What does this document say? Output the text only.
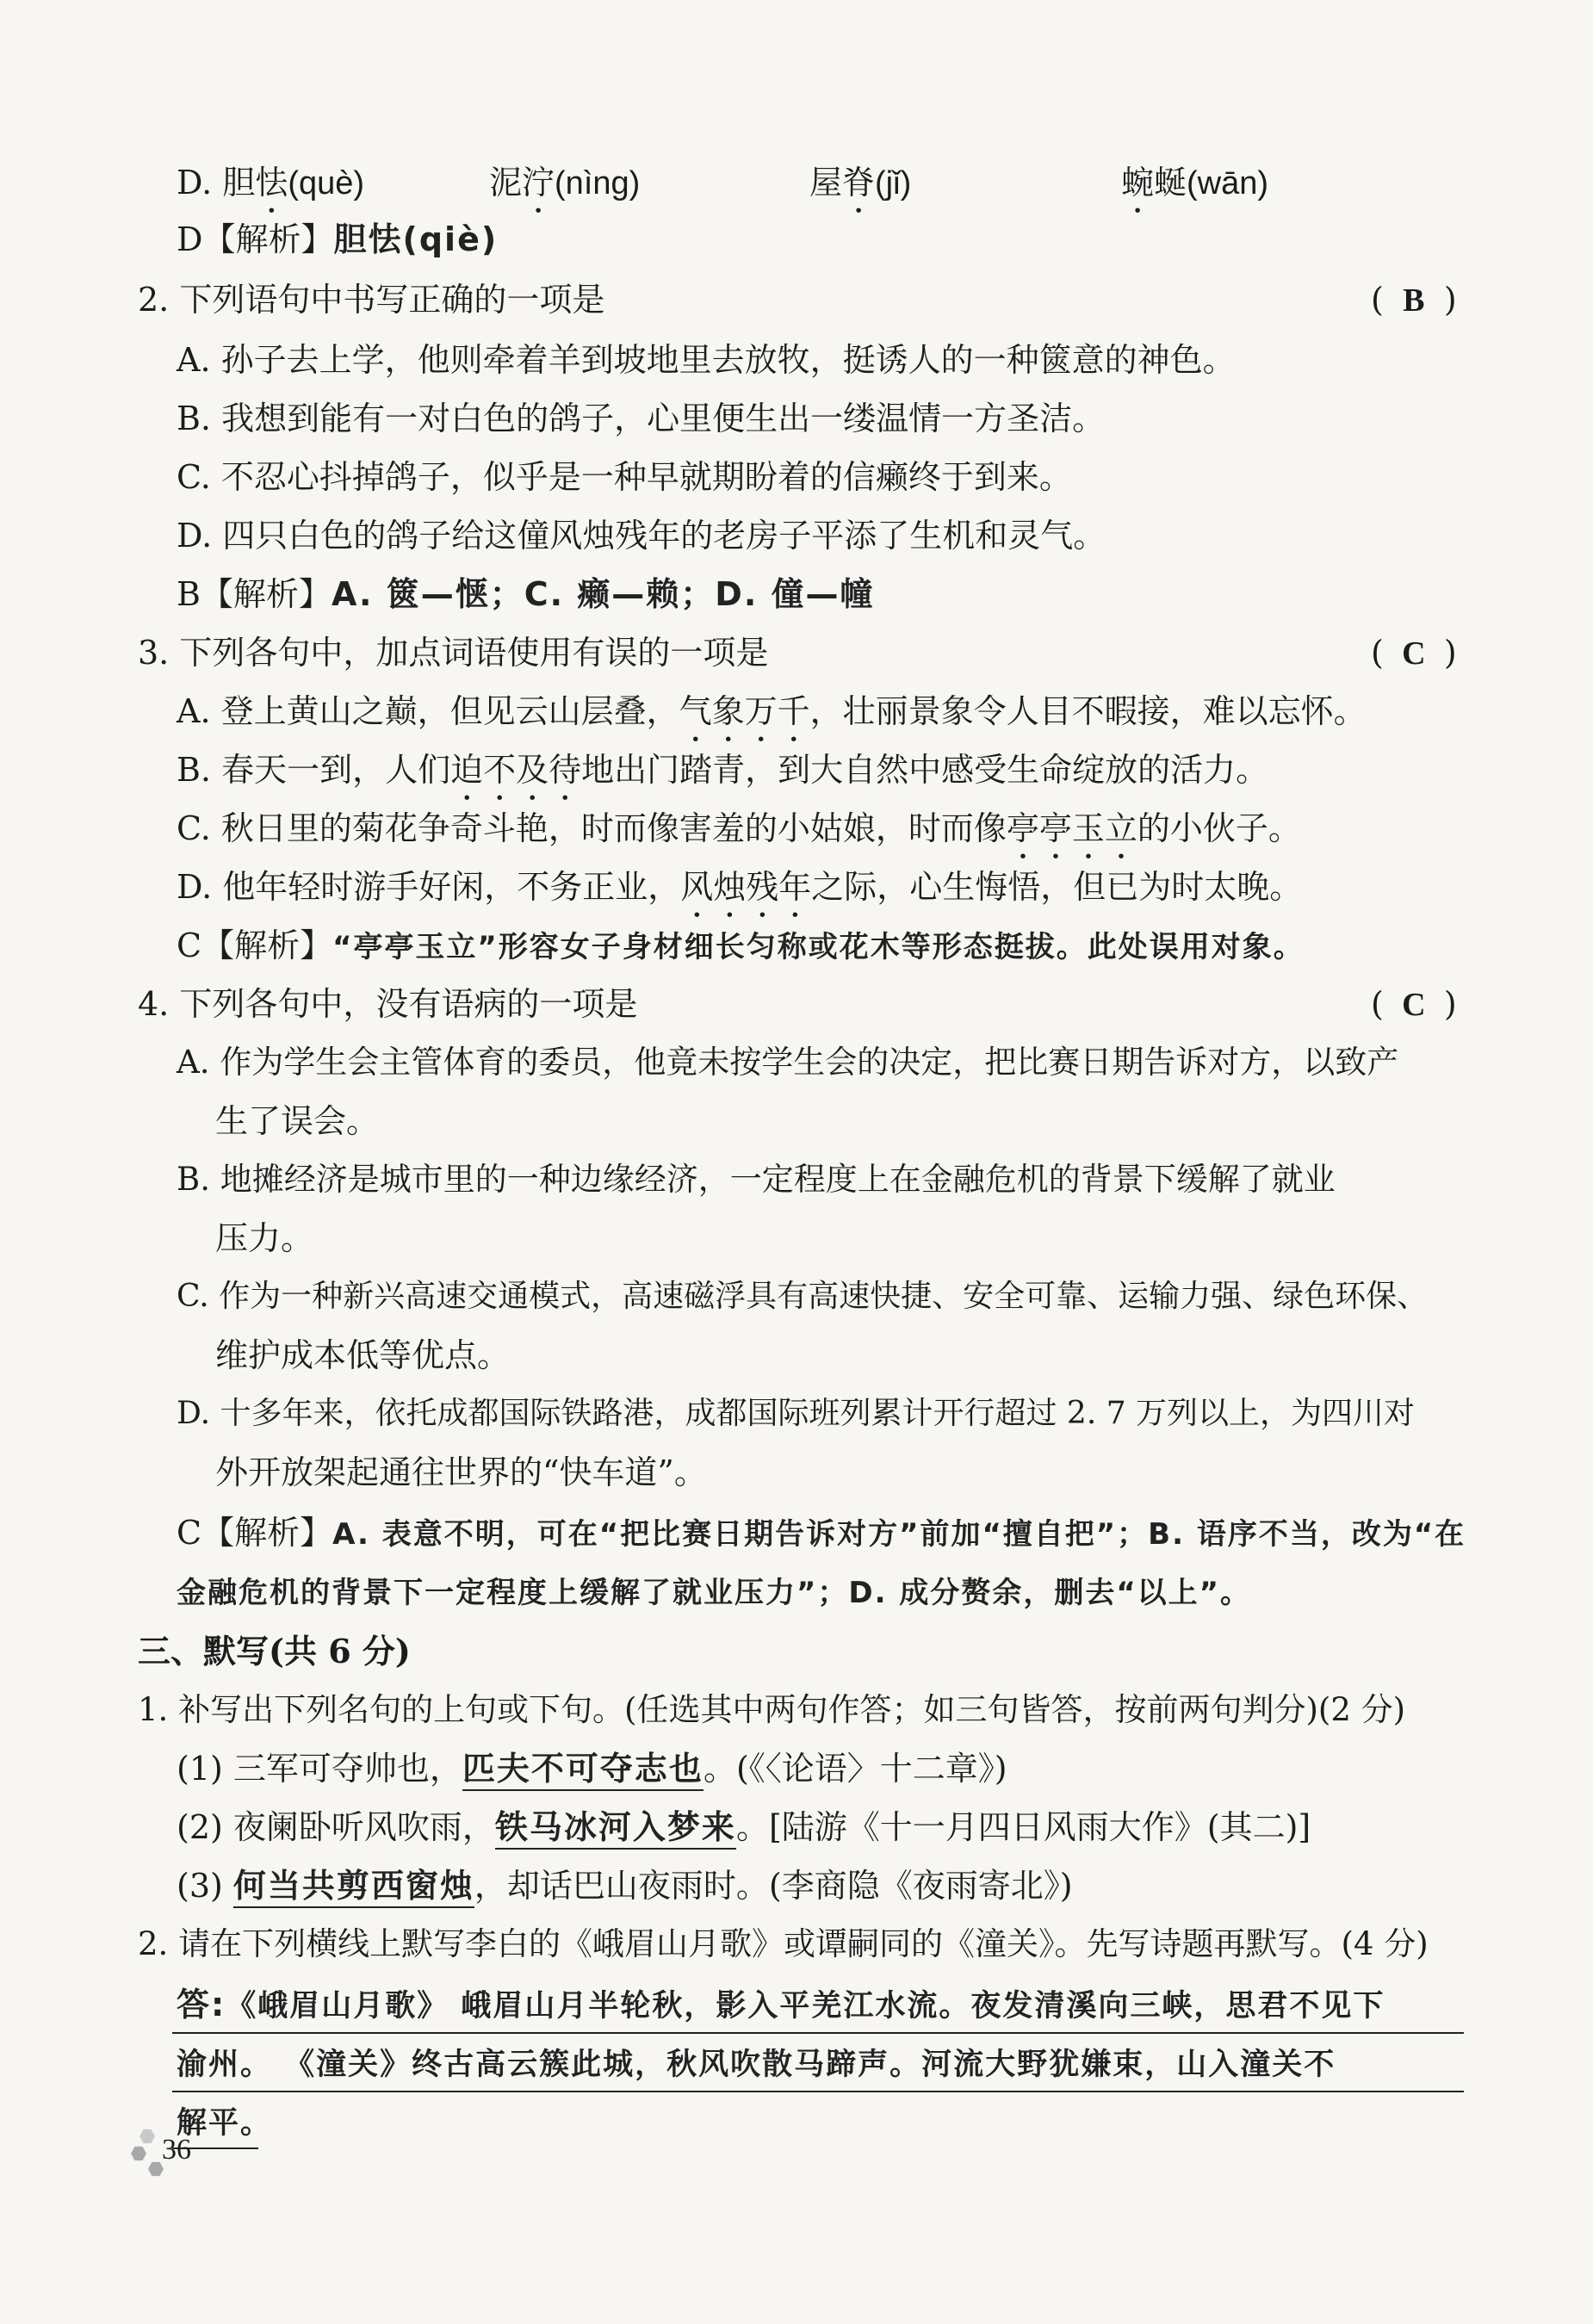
D. 胆怯(què)	泥泞(nìng)	屋脊(jǐ)	蜿蜒(wān)
D【解析】胆怯(qiè)
2. 下列语句中书写正确的一项是	( B )
A. 孙子去上学，他则牵着羊到坡地里去放牧，挺诱人的一种篋意的神色。
B. 我想到能有一对白色的鸽子，心里便生出一缕温情一方圣洁。
C. 不忍心抖掉鸽子，似乎是一种早就期盼着的信癞终于到来。
D. 四只白色的鸽子给这僮风烛残年的老房子平添了生机和灵气。
B【解析】A. 篋—惬；C. 癞—赖；D. 僮—幢
3. 下列各句中，加点词语使用有误的一项是	( C )
A. 登上黄山之巅，但见云山层叠，气象万千，壮丽景象令人目不暇接，难以忘怀。
B. 春天一到，人们迫不及待地出门踏青，到大自然中感受生命绽放的活力。
C. 秋日里的菊花争奇斗艳，时而像害羞的小姑娘，时而像亭亭玉立的小伙子。
D. 他年轻时游手好闲，不务正业，风烛残年之际，心生悔悟，但已为时太晚。
C【解析】“亭亭玉立”形容女子身材细长匀称或花木等形态挺拔。此处误用对象。
4. 下列各句中，没有语病的一项是	( C )
A. 作为学生会主管体育的委员，他竟未按学生会的决定，把比赛日期告诉对方，以致产
生了误会。
B. 地摊经济是城市里的一种边缘经济，一定程度上在金融危机的背景下缓解了就业
压力。
C. 作为一种新兴高速交通模式，高速磁浮具有高速快捷、安全可靠、运输力强、绿色环保、
维护成本低等优点。
D. 十多年来，依托成都国际铁路港，成都国际班列累计开行超过 2. 7 万列以上，为四川对
外开放架起通往世界的“快车道”。
C【解析】A. 表意不明，可在“把比赛日期告诉对方”前加“擅自把”；B. 语序不当，改为“在
金融危机的背景下一定程度上缓解了就业压力”；D. 成分赘余，删去“以上”。
三、默写(共 6 分)
1. 补写出下列名句的上句或下句。(任选其中两句作答；如三句皆答，按前两句判分)(2 分)
(1) 三军可夺帅也，匹夫不可夺志也。(《〈论语〉十二章》)
(2) 夜阑卧听风吹雨，铁马冰河入梦来。[陆游《十一月四日风雨大作》(其二)]
(3) 何当共剪西窗烛，却话巴山夜雨时。(李商隐《夜雨寄北》)
2. 请在下列横线上默写李白的《峨眉山月歌》或谭嗣同的《潼关》。先写诗题再默写。(4 分)
答:《峨眉山月歌》 峨眉山月半轮秋，影入平羌江水流。夜发清溪向三峡，思君不见下
渝州。 《潼关》终古高云簇此城，秋风吹散马蹄声。河流大野犹嫌束，山入潼关不
解平。
36
